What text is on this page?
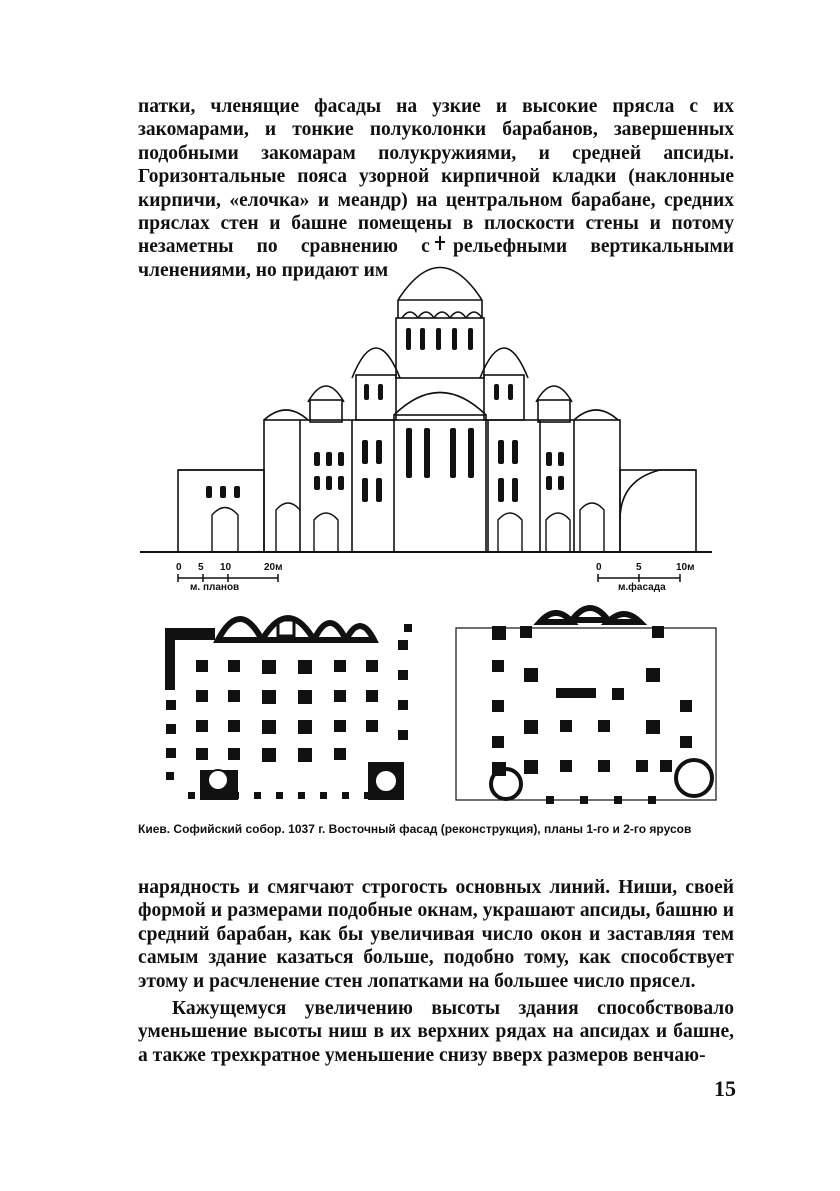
патки, членящие фасады на узкие и высокие прясла с их закомарами, и тонкие полуколонки барабанов, завершенных подобными закомарам полукружиями, и средней апсиды. Горизонтальные пояса узорной кирпичной кладки (наклонные кирпичи, «елочка» и меандр) на центральном барабане, средних пряслах стен и башне помещены в плоскости стены и потому незаметны по сравнению с рельефными вертикальными членениями, но придают им

0 5 10	20м
м. планов
0	5	10м
м.фасада

Киев. Софийский собор. 1037 г. Восточный фасад (реконструкция), планы 1-го и 2-го ярусов

нарядность и смягчают строгость основных линий. Ниши, своей формой и размерами подобные окнам, украшают апсиды, башню и средний барабан, как бы увеличивая число окон и заставляя тем самым здание казаться больше, подобно тому, как способствует этому и расчленение стен лопатками на большее число прясел.

Кажущемуся увеличению высоты здания способствовало уменьшение высоты ниш в их верхних рядах на апсидах и башне, а также трехкратное уменьшение снизу вверх размеров венчаю-

15
